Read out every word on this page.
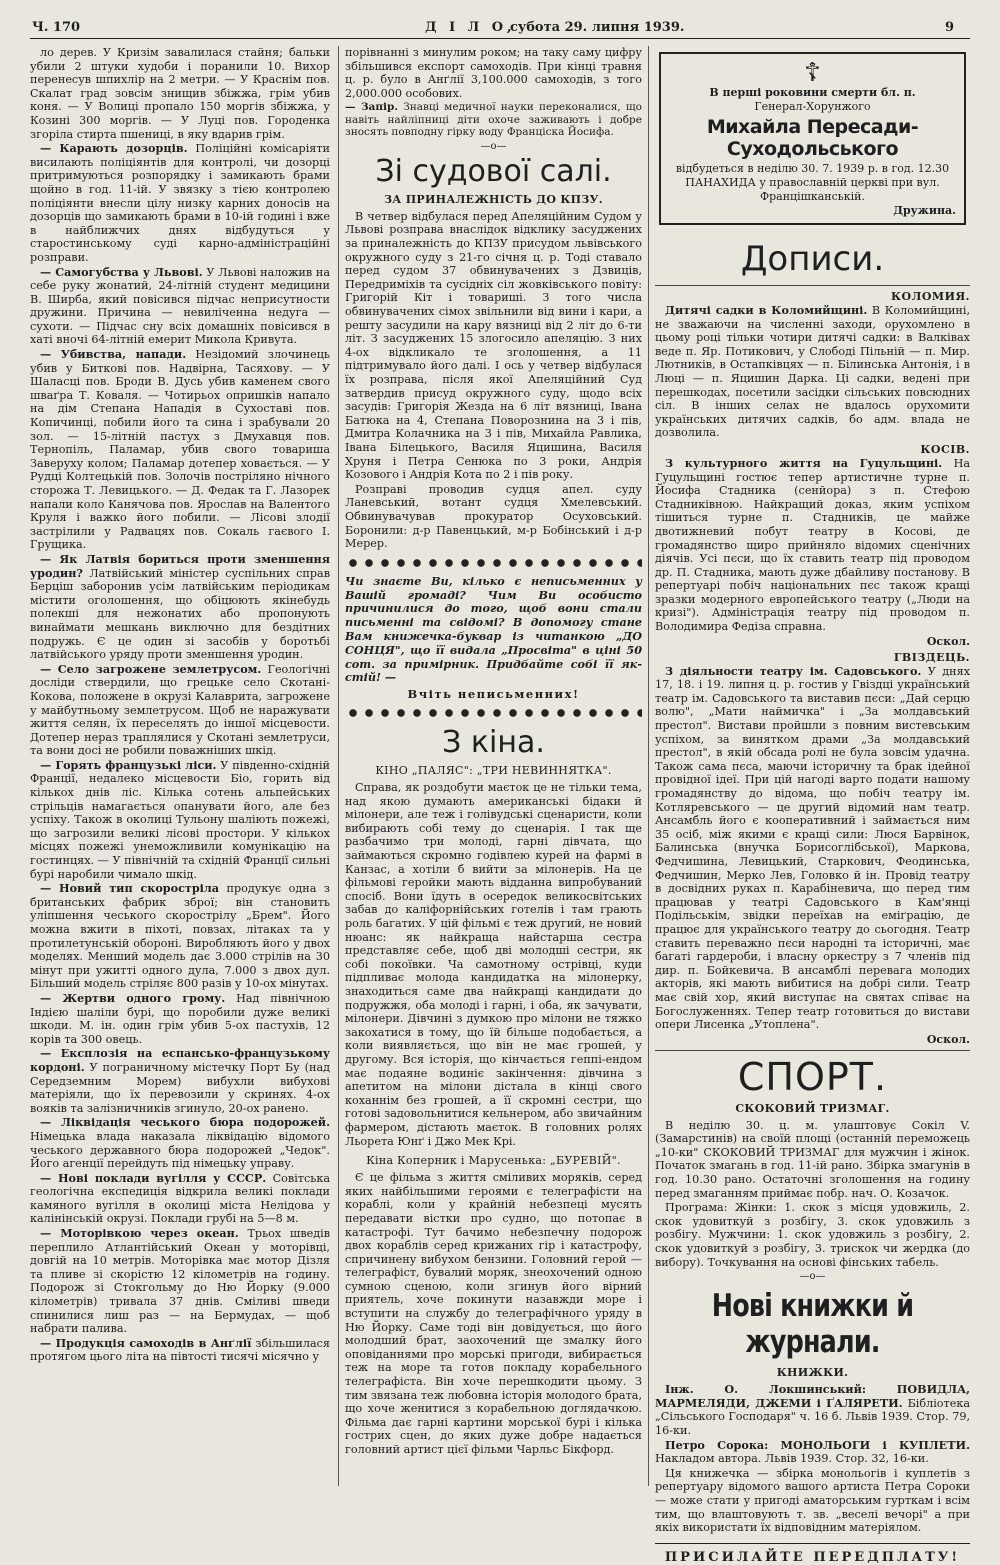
Ч. 170	Д І Л О,
субота 29. липня 1939.	9

ло дерев. У Кризім завалилася стайня; бальки убили 2 штуки худоби і поранили 10. Вихор перенесув шпихлір на 2 метри. — У Краснім пов. Скалат град зовсім знищив збіжжа, грім убив коня. — У Волиці пропало 150 моргів збіжжа, у Козині 300 моргів. — У Луці пов. Городенка згоріла стирта пшениці, в яку вдарив грім.

— Карають дозорців. Поліційні комісаріяти висилають поліціянтів для контролі, чи дозорці притримуються розпорядку і замикають брами щойно в год. 11-ій. У звязку з тією контролею поліціянти внесли цілу низку карних доносів на дозорців що замикають брами в 10-ій годині і вже в найближчих днях відбудуться у старостинському суді карно-адміністраційні розправи.

— Самогубства у Львові. У Львові наложив на себе руку жонатий, 24-літній студент медицини В. Ширба, який повісився підчас неприсутности дружини. Причина — невиліченна недуга — сухоти. — Підчас сну всіх домашніх повісився в хаті вночі 64-літній емерит Микола Кривута.

— Убивства, напади. Незідомий злочинець убив у Биткові пов. Надвірна, Тасяхову. — У Шаласці пов. Броди В. Дусь убив каменем свого шваґра Т. Коваля. — Чотирьох опришків напало на дім Степана Нападія в Сухоставі пов. Копичинці, побили його та сина і зрабували 20 зол. — 15-літній пастух з Дмухавця пов. Тернопіль, Паламар, убив свого товариша Заверуху колом; Паламар дотепер ховається. — У Рудці Колтецькій пов. Золочів постріляно нічного сторожа Т. Левицького. — Д. Федак та Г. Лазорек напали коло Канячова пов. Ярослав на Валентого Круля і важко його побили. — Лісові злодії застрілили у Радвацях пов. Сокаль гаєвого І. Грущика.

— Як Латвія бориться проти зменшення уродин? Латвійський міністер суспільних справ Берціш заборонив усім латвійським періодикам містити оголошення, що обіцюють якінебудь полекші для нежонатих або пропонують винаймати мешкань виключно для бездітних подружь. Є це один зі засобів у боротьбі латвійського уряду проти зменшення уродин.

— Село загрожене землетрусом. Геологічні досліди ствердили, що грецьке село Скотані-Кокова, положене в окрузі Калаврита, загрожене у майбутньому землетрусом. Щоб не наражувати життя селян, їх переселять до іншої місцевости. Дотепер нераз траплялися у Скотані землетруси, та вони досі не робили поважніших шкід.

— Горять французькі ліси. У південно-східній Франції, недалеко місцевости Біо, горить від кількох днів ліс. Кілька сотень альпейських стрільців намагається опанувати його, але без успіху. Також в околиці Тульону шаліють пожежі, що загрозили великі лісові простори. У кількох місцях пожежі унеможливили комунікацію на гостинцях. — У північній та східній Франції сильні бурі наробили чимало шкід.

— Новий тип скорострілa продукує одна з британських фабрик зброї; він становить уліпшення чеського скорострілу „Брем". Його можна вжити в піхоті, повзах, літаках та у протилетунській обороні. Виробляють його у двох моделях. Менший модель дає 3.000 стрілів на 30 мінут при ужитті одного дула, 7.000 з двох дул. Більший модель стріляє 800 разів у 10-ох мінутах.

— Жертви одного грому. Над північною Індією шаліли бурі, що поробили дуже великі шкоди. М. ін. один грім убив 5-ох пастухів, 12 корів та 300 овець.

— Експлозія на еспансько-французькому кордоні. У пограничному містечку Порт Бу (над Середземним Морем) вибухли вибухові матеріяли, що їх перевозили у скринях. 4-ох вояків та залізничників згинуло, 20-ох ранено.

— Ліквідація чеського бюра подорожей. Німецька влада наказала ліквідацію відомого чеського державного бюра подорожей „Чедок". Його агенції перейдуть під німецьку управу.

— Нові поклади вугілля у СССР. Совітська геологічна експедиція відкрила великі поклади камяного вугілля в околиці міста Нелідова у калінінській окрузі. Поклади грубі на 5—8 м.

— Моторівкою через океан. Трьох шведів переплило Атлантійський Океан у моторівці, довгій на 10 метрів. Моторівка має мотор Дізля та пливе зі скорістю 12 кілометрів на годину. Подорож зі Стокгольму до Ню Йорку (9.000 кілометрів) тривала 37 днів. Сміливі шведи спинилися лиш раз — на Бермудах, — щоб набрати палива.

— Продукція самоходів в Анґлії збільшилася протягом цього літа на півтості тисячі місячно у

порівнанні з минулим роком; на таку саму цифру збільшився експорт самоходів. При кінці травня ц. р. було в Анґлії 3,100.000 самоходів, з того 2,000.000 особових.

— Запір. Знавці медичної науки переконалися, що навіть найліпниці діти охоче заживають і добре зносять повподну гірку воду Франціска Йосифа.

—o—
Зі судової салі.
ЗА ПРИНАЛЕЖНІСТЬ ДО КПЗУ.

В четвер відбулася перед Апеляційним Судом у Львові розправа внаслідок відклику засуджених за приналежність до КПЗУ присудом львівського окружного суду з 21-го січня ц. р. Тоді ставало перед судом 37 обвинувачених з Дзвиців, Передриміхів та сусідніх сіл жовківського повіту: Григорій Кіт і товариші. З того числа обвинувачених сімох звільнили від вини і кари, а решту засудили на кару вязниці від 2 літ до 6-ти літ. З засуджених 15 злогосило апеляцію. З них 4-ох відкликало те зголошення, а 11 підтримувало його далі. І ось у четвер відбулася їх розправа, після якої Апеляційний Суд затвердив присуд окружного суду, щодо всіх засудів: Григорія Жезда на 6 літ вязниці, Івана Батюка на 4, Степана Поворознина на 3 і пів, Дмитра Колачника на 3 і пів, Михайла Равлика, Івана Білецького, Василя Яцишина, Василя Хруня і Петра Сенюка по 3 роки, Андрія Козового і Андрія Кота по 2 і пів року.

Розправі проводив судця апел. суду Ланевський, вотант судця Хмелевський. Обвинувачував прокуратор Осуховський. Боронили: д-р Павенцький, м-р Бобінський і д-р Мерер.

Чи знаєте Ви, кілько є неписьменних у Вашій громаді? Чим Ви особисто причинилися до того, щоб вони стали письменні та свідомі? В допомогу стане Вам книжечка-буквар із читанкою „ДО СОНЦЯ", що її видала „Просвіта" в ціні 50 сот. за примірник. Придбайте собі її як-стій! —

Вчіть неписьменних!
З кіна.
КІНО „ПАЛЯС": „ТРИ НЕВИННЯТКА".

Справа, як роздобути маєток це не тільки тема, над якою думають американські бідаки й мілонери, але теж і голівудські сценаристи, коли вибирають собі тему до сценарія. І так ще разбачимо три молоді, гарні дівчата, що займаються скромно годівлею курей на фармі в Канзас, а хотіли б вийти за мілонерів. На це фільмові геройки мають відданна випробуваний спосіб. Вони їдуть в осередок великосвітських забав до каліфорнійських готелів і там грають роль багатих. У цій фільмі є теж другий, не новий нюанс: як найкраща найстарша сестра представляє себе, щоб дві молодші сестри, як собі покоївки. Ча самотному острівці, куди підпливає молода кандидатка на мілонерку, знаходиться саме два найкращі кандидати до подружжя, оба молоді і гарні, і оба, як зачувати, мілонери. Дівчині з думкою про мілони не тяжко закохатися в тому, що їй більше подобається, а коли виявляється, що він не має грошей, у другому. Вся історія, що кінчається геппі-ендом має подаяне водиніє закінчення: дівчина з апетитом на мілони дістала в кінці свого коханнім без грошей, а її скромні сестри, що готові задовольнитися кельнером, або звичайним фармером, дістають маєток. В головних ролях Льорета Юнґ і Джо Мек Крі.

Кіна Коперник і Марусенька: „БУРЕВІЙ".

Є це фільма з життя сміливих моряків, серед яких найбільшими героями є телеграфісти на кораблі, коли у крайній небезпеці мусять передавати вістки про суднo, що потопає в катастрофі. Тут бачимо небезпечну подорож двох кораблів серед крижаних гір і катастрофу, спричинену вибухом бензини. Головний герой — телеграфіст, бувалий моряк, знеохочений одною сумною сценою, коли згинув його вірний приятель, хоче покинути назавжди море і вступити на службу до телеграфічного уряду в Ню Йорку. Саме тоді він довідується, що його молодший брат, заохочений ще змалку його оповіданнями про морські пригоди, вибирається теж на море та готов покладу корабельного телеграфіста. Він хоче перешкодити цьому. З тим звязана теж любовна історія молодого брата, що хоче женитися з корабельною доглядачкою. Фільма дає гарні картини морської бурі і кілька гострих сцен, до яких дуже добре надається головний артист цієї фільми Чарльс Бікфорд.

☦
В перші роковини смерти бл. п.
Генерал-Хорунжого
Михайла Пересади-Суходольського
відбудеться в неділю 30. 7. 1939 р. в год. 12.30 ПАНАХИДА у православній церкві при вул. Францішканській.
Дружина.
Дописи.
КОЛОМИЯ.

Дитячі садки в Коломийщині. В Коломийщині, не зважаючи на численні заходи, орухомлено в цьому році тільки чотири дитячі садки: в Валківах веде п. Яр. Потикович, у Слободі Пільній — п. Мир. Лютників, в Остапківцях — п. Білинська Антонія, і в Люці — п. Яцишин Дарка. Ці садки, ведені при перешкодах, посетили засідки сільських повсюдних сіл. В інших селах не вдалось орухомити українських дитячих садків, бо адм. влада не дозволила.

КОСІВ.

З культурного життя на Гуцульщині. На Гуцульщині гостює тепер артистичне турне п. Йосифа Стадника (сенйора) з п. Стефою Стадниківною. Найкращий доказ, яким успіхом тішиться турне п. Стадників, це майже двотижневий побут театру в Косові, де громадянство щиро прийняло відомих сценічних діячів. Усі пєси, що їх ставить театр під проводом др. П. Стадника, мають дуже дбайливу постанову. В репертуарі побіч національних пєс також кращі зразки модерного европейського театру („Люди на кризі"). Адміністрація театру під проводом п. Володимира Федіза справна.

Оскол.
ГВІЗДЕЦЬ.

З діяльности театру ім. Садовського. У днях 17, 18. і 19. липня ц. р. гостив у Гвіздці український театр ім. Садовського та виставив пєси: „Дай серцю волю", „Мати наймичка" і „За молдавський престол". Вистави пройшли з повним вистевським успіхом, за винятком драми „За молдавський престол", в якій обсада ролі не була зовсім удачна. Також сама пєса, маючи історичну та брак ідейної провідної ідеї. При цій нагоді варто подати нашому громадянству до відома, що побіч театру ім. Котляревського — це другий відомий нам театр. Ансамбль його є кооперативний і займається ним 35 осіб, між якими є кращі сили: Люся Барвінок, Балинська (внучка Борисоглібської), Маркова, Федчишина, Левицький, Старкович, Феодинська, Федчишин, Мерко Лев, Головко й ін. Провід театру в досвідних руках п. Карабіневича, що перед тим працював у театрі Садовського в Кам'янці Подільськім, звідки переїхав на еміґрацію, де працює для українського театру до сьогодня. Театр ставить переважно пєси народні та історичні, має багаті гардероби, і власну оркестру з 7 членів під дир. п. Бойкевича. В ансамблі перевага молодих акторів, які мають вибитися на добрі сили. Театр має свій хор, який виступає на святах співає на Богослуженнях. Тепер театр готовиться до вистави опери Лисенка „Утоплена".

Оскол.
СПОРТ.
СКОКОВИЙ ТРИЗМАГ.

В неділю 30. ц. м. улаштовує Сокіл V. (Замарстинів) на своїй площі (останній переможець „10-ки" СКОКОВИЙ ТРИЗМАГ для мужчин і жінок. Початок змагань в год. 11-ій рано. Збірка змагунів в год. 10.30 рано. Остаточні зголошення на годину перед змаганням приймає побр. нач. О. Козачок.

Програма: Жінки: 1. скок з місця удовжиль, 2. скок удовиткуй з розбігу, 3. скок удовжиль з розбігу. Мужчини: 1. скок удовжиль з розбігу, 2. скок удовиткуй з розбігу, 3. трискок чи жердка (до вибору). Точкування на основі фінських табель.

—o—
Нові книжки й журнали.
КНИЖКИ.

Інж. О. Локшинський: ПОВИДЛА, МАРМЕЛЯДИ, ДЖЕМИ і ҐАЛЯРЕТИ. Бібліотека „Сільського Господаря" ч. 16 б. Львів 1939. Стор. 79, 16-ки.

Петро Сорока: МОНОЛЬОГИ і КУПЛЕТИ. Накладом автора. Львів 1939. Стор. 32, 16-ки.

Ця книжечка — збірка монольогів і куплетів з репертуару відомого вашого артиста Петра Сороки — може стати у пригоді аматорським гурткам і всім тим, що влаштовують т. зв. „веселі вечорі" а при якіх використати їх відповідним матеріялом.

ПРИСИЛАЙТЕ ПЕРЕДПЛАТУ!
